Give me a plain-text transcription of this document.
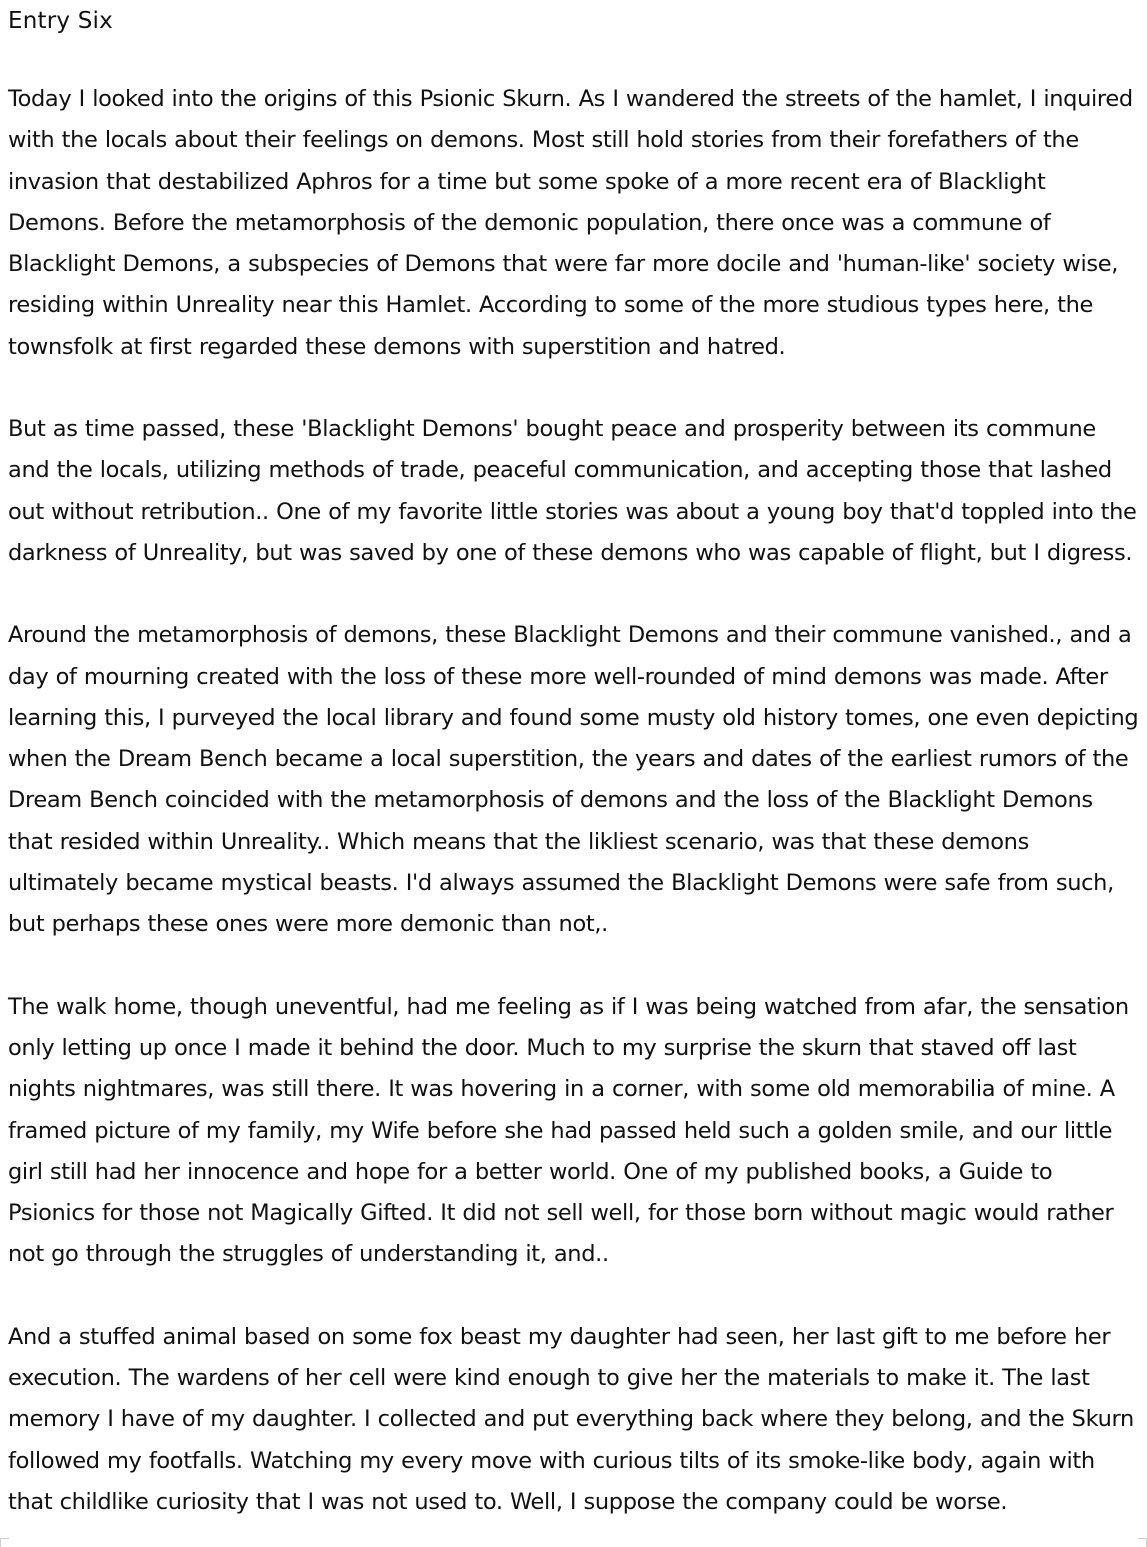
Entry Six

Today I looked into the origins of this Psionic Skurn. As I wandered the streets of the hamlet, I inquired with the locals about their feelings on demons. Most still hold stories from their forefathers of the invasion that destabilized Aphros for a time but some spoke of a more recent era of Blacklight Demons. Before the metamorphosis of the demonic population, there once was a commune of Blacklight Demons, a subspecies of Demons that were far more docile and 'human-like' society wise, residing within Unreality near this Hamlet. According to some of the more studious types here, the townsfolk at first regarded these demons with superstition and hatred.

But as time passed, these 'Blacklight Demons' bought peace and prosperity between its commune and the locals, utilizing methods of trade, peaceful communication, and accepting those that lashed out without retribution.. One of my favorite little stories was about a young boy that'd toppled into the darkness of Unreality, but was saved by one of these demons who was capable of flight, but I digress.

Around the metamorphosis of demons, these Blacklight Demons and their commune vanished., and a day of mourning created with the loss of these more well-rounded of mind demons was made. After learning this, I purveyed the local library and found some musty old history tomes, one even depicting when the Dream Bench became a local superstition, the years and dates of the earliest rumors of the Dream Bench coincided with the metamorphosis of demons and the loss of the Blacklight Demons that resided within Unreality.. Which means that the likliest scenario, was that these demons ultimately became mystical beasts. I'd always assumed the Blacklight Demons were safe from such, but perhaps these ones were more demonic than not,.

The walk home, though uneventful, had me feeling as if I was being watched from afar, the sensation only letting up once I made it behind the door. Much to my surprise the skurn that staved off last nights nightmares, was still there. It was hovering in a corner, with some old memorabilia of mine. A framed picture of my family, my Wife before she had passed held such a golden smile, and our little girl still had her innocence and hope for a better world. One of my published books, a Guide to Psionics for those not Magically Gifted. It did not sell well, for those born without magic would rather not go through the struggles of understanding it, and..

And a stuffed animal based on some fox beast my daughter had seen, her last gift to me before her execution. The wardens of her cell were kind enough to give her the materials to make it. The last memory I have of my daughter. I collected and put everything back where they belong, and the Skurn followed my footfalls. Watching my every move with curious tilts of its smoke-like body, again with that childlike curiosity that I was not used to. Well, I suppose the company could be worse.
